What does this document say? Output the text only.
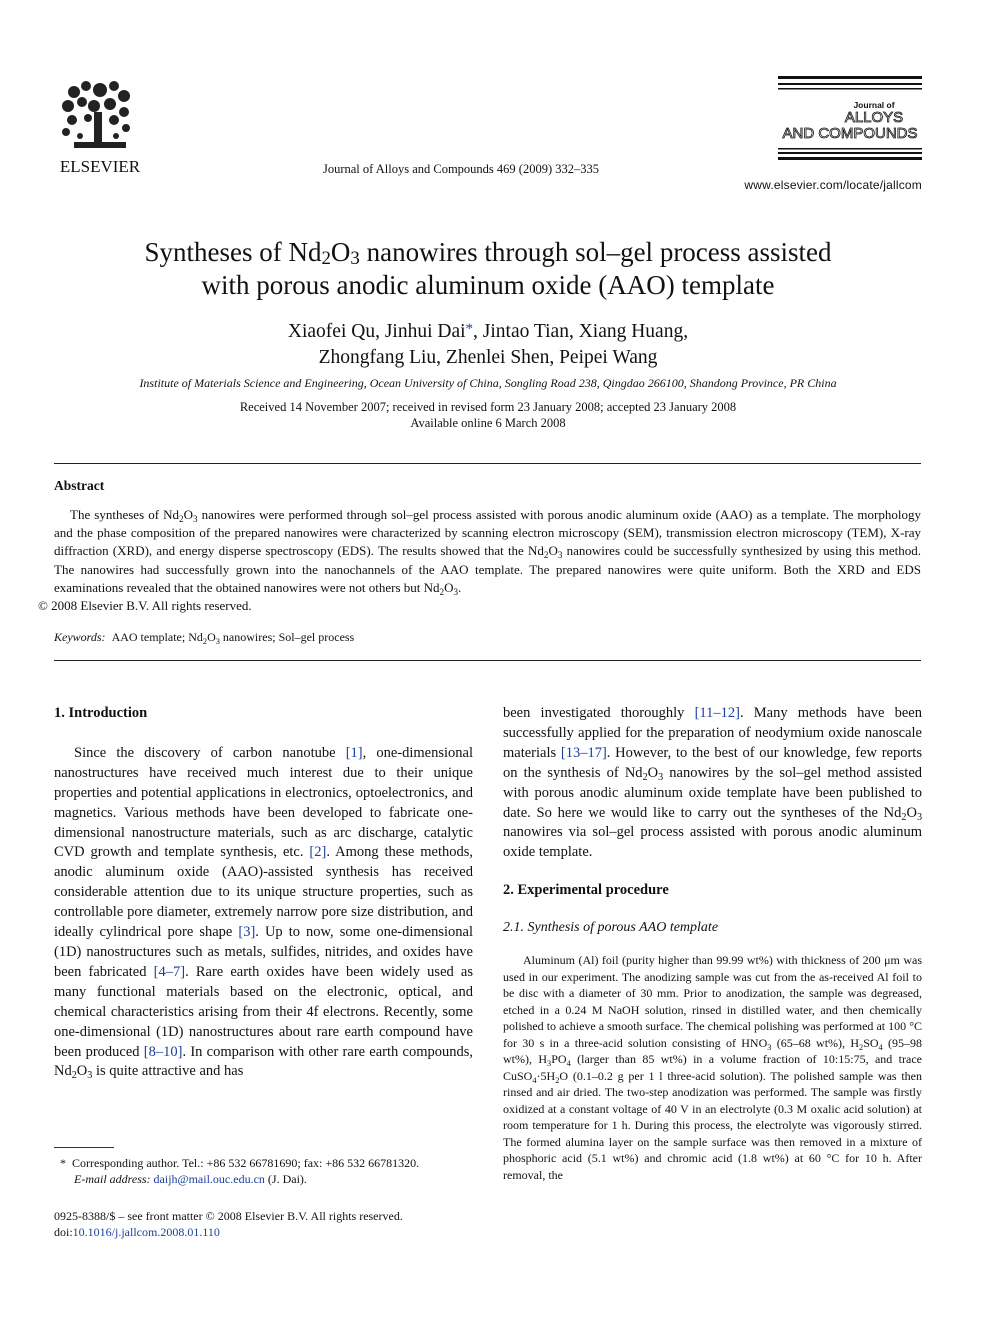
ELSEVIER	Journal of Alloys and Compounds 469 (2009) 332–335
Journal of
ALLOYS
AND COMPOUNDS
www.elsevier.com/locate/jallcom
Syntheses of $Nd_2O_3$ nanowires through sol–gel process assisted
with porous anodic aluminum oxide (AAO) template
Xiaofei Qu, Jinhui Dai*, Jintao Tian, Xiang Huang,
Zhongfang Liu, Zhenlei Shen, Peipei Wang
Institute of Materials Science and Engineering, Ocean University of China, Songling Road 238, Qingdao 266100, Shandong Province, PR China
Received 14 November 2007; received in revised form 23 January 2008; accepted 23 January 2008
Available online 6 March 2008
Abstract
The syntheses of $Nd_2O_3$ nanowires were performed through sol–gel process assisted with porous anodic aluminum oxide (AAO) as a template. The morphology and the phase composition of the prepared nanowires were characterized by scanning electron microscopy (SEM), transmission electron microscopy (TEM), X-ray diffraction (XRD), and energy disperse spectroscopy (EDS). The results showed that the $Nd_2O_3$ nanowires could be successfully synthesized by using this method. The nanowires had successfully grown into the nanochannels of the AAO template. The prepared nanowires were quite uniform. Both the XRD and EDS examinations revealed that the obtained nanowires were not others but $Nd_2O_3$.
© 2008 Elsevier B.V. All rights reserved.
Keywords: AAO template; $Nd_2O_3$ nanowires; Sol–gel process

1. Introduction

Since the discovery of carbon nanotube [1], one-dimensional nanostructures have received much interest due to their unique properties and potential applications in electronics, optoelectronics, and magnetics. Various methods have been developed to fabricate one-dimensional nanostructure materials, such as arc discharge, catalytic CVD growth and template synthesis, etc. [2]. Among these methods, anodic aluminum oxide (AAO)-assisted synthesis has received considerable attention due to its unique structure properties, such as controllable pore diameter, extremely narrow pore size distribution, and ideally cylindrical pore shape [3]. Up to now, some one-dimensional (1D) nanostructures such as metals, sulfides, nitrides, and oxides have been fabricated [4–7]. Rare earth oxides have been widely used as many functional materials based on the electronic, optical, and chemical characteristics arising from their 4f electrons. Recently, some one-dimensional (1D) nanostructures about rare earth compound have been produced [8–10]. In comparison with other rare earth compounds, $Nd_2O_3$ is quite attractive and has

* Corresponding author. Tel.: +86 532 66781690; fax: +86 532 66781320.
E-mail address: daijh@mail.ouc.edu.cn (J. Dai).
0925-8388/$ – see front matter © 2008 Elsevier B.V. All rights reserved.
doi:10.1016/j.jallcom.2008.01.110

been investigated thoroughly [11–12]. Many methods have been successfully applied for the preparation of neodymium oxide nanoscale materials [13–17]. However, to the best of our knowledge, few reports on the synthesis of $Nd_2O_3$ nanowires by the sol–gel method assisted with porous anodic aluminum oxide template have been published to date. So here we would like to carry out the syntheses of the $Nd_2O_3$ nanowires via sol–gel process assisted with porous anodic aluminum oxide template.

2. Experimental procedure

2.1. Synthesis of porous AAO template

Aluminum (Al) foil (purity higher than 99.99 wt%) with thickness of 200 μm was used in our experiment. The anodizing sample was cut from the as-received Al foil to be disc with a diameter of 30 mm. Prior to anodization, the sample was degreased, etched in a 0.24 M NaOH solution, rinsed in distilled water, and then chemically polished to achieve a smooth surface. The chemical polishing was performed at 100 °C for 30 s in a three-acid solution consisting of $HNO_3$ (65–68 wt%), $H_2SO_4$ (95–98 wt%), $H_3PO_4$ (larger than 85 wt%) in a volume fraction of 10:15:75, and trace $CuSO_4\cdot 5H_2O$ (0.1–0.2 g per 1 l three-acid solution). The polished sample was then rinsed and air dried. The two-step anodization was performed. The sample was firstly oxidized at a constant voltage of 40 V in an electrolyte (0.3 M oxalic acid solution) at room temperature for 1 h. During this process, the electrolyte was vigorously stirred. The formed alumina layer on the sample surface was then removed in a mixture of phosphoric acid (5.1 wt%) and chromic acid (1.8 wt%) at 60 °C for 10 h. After removal, the
